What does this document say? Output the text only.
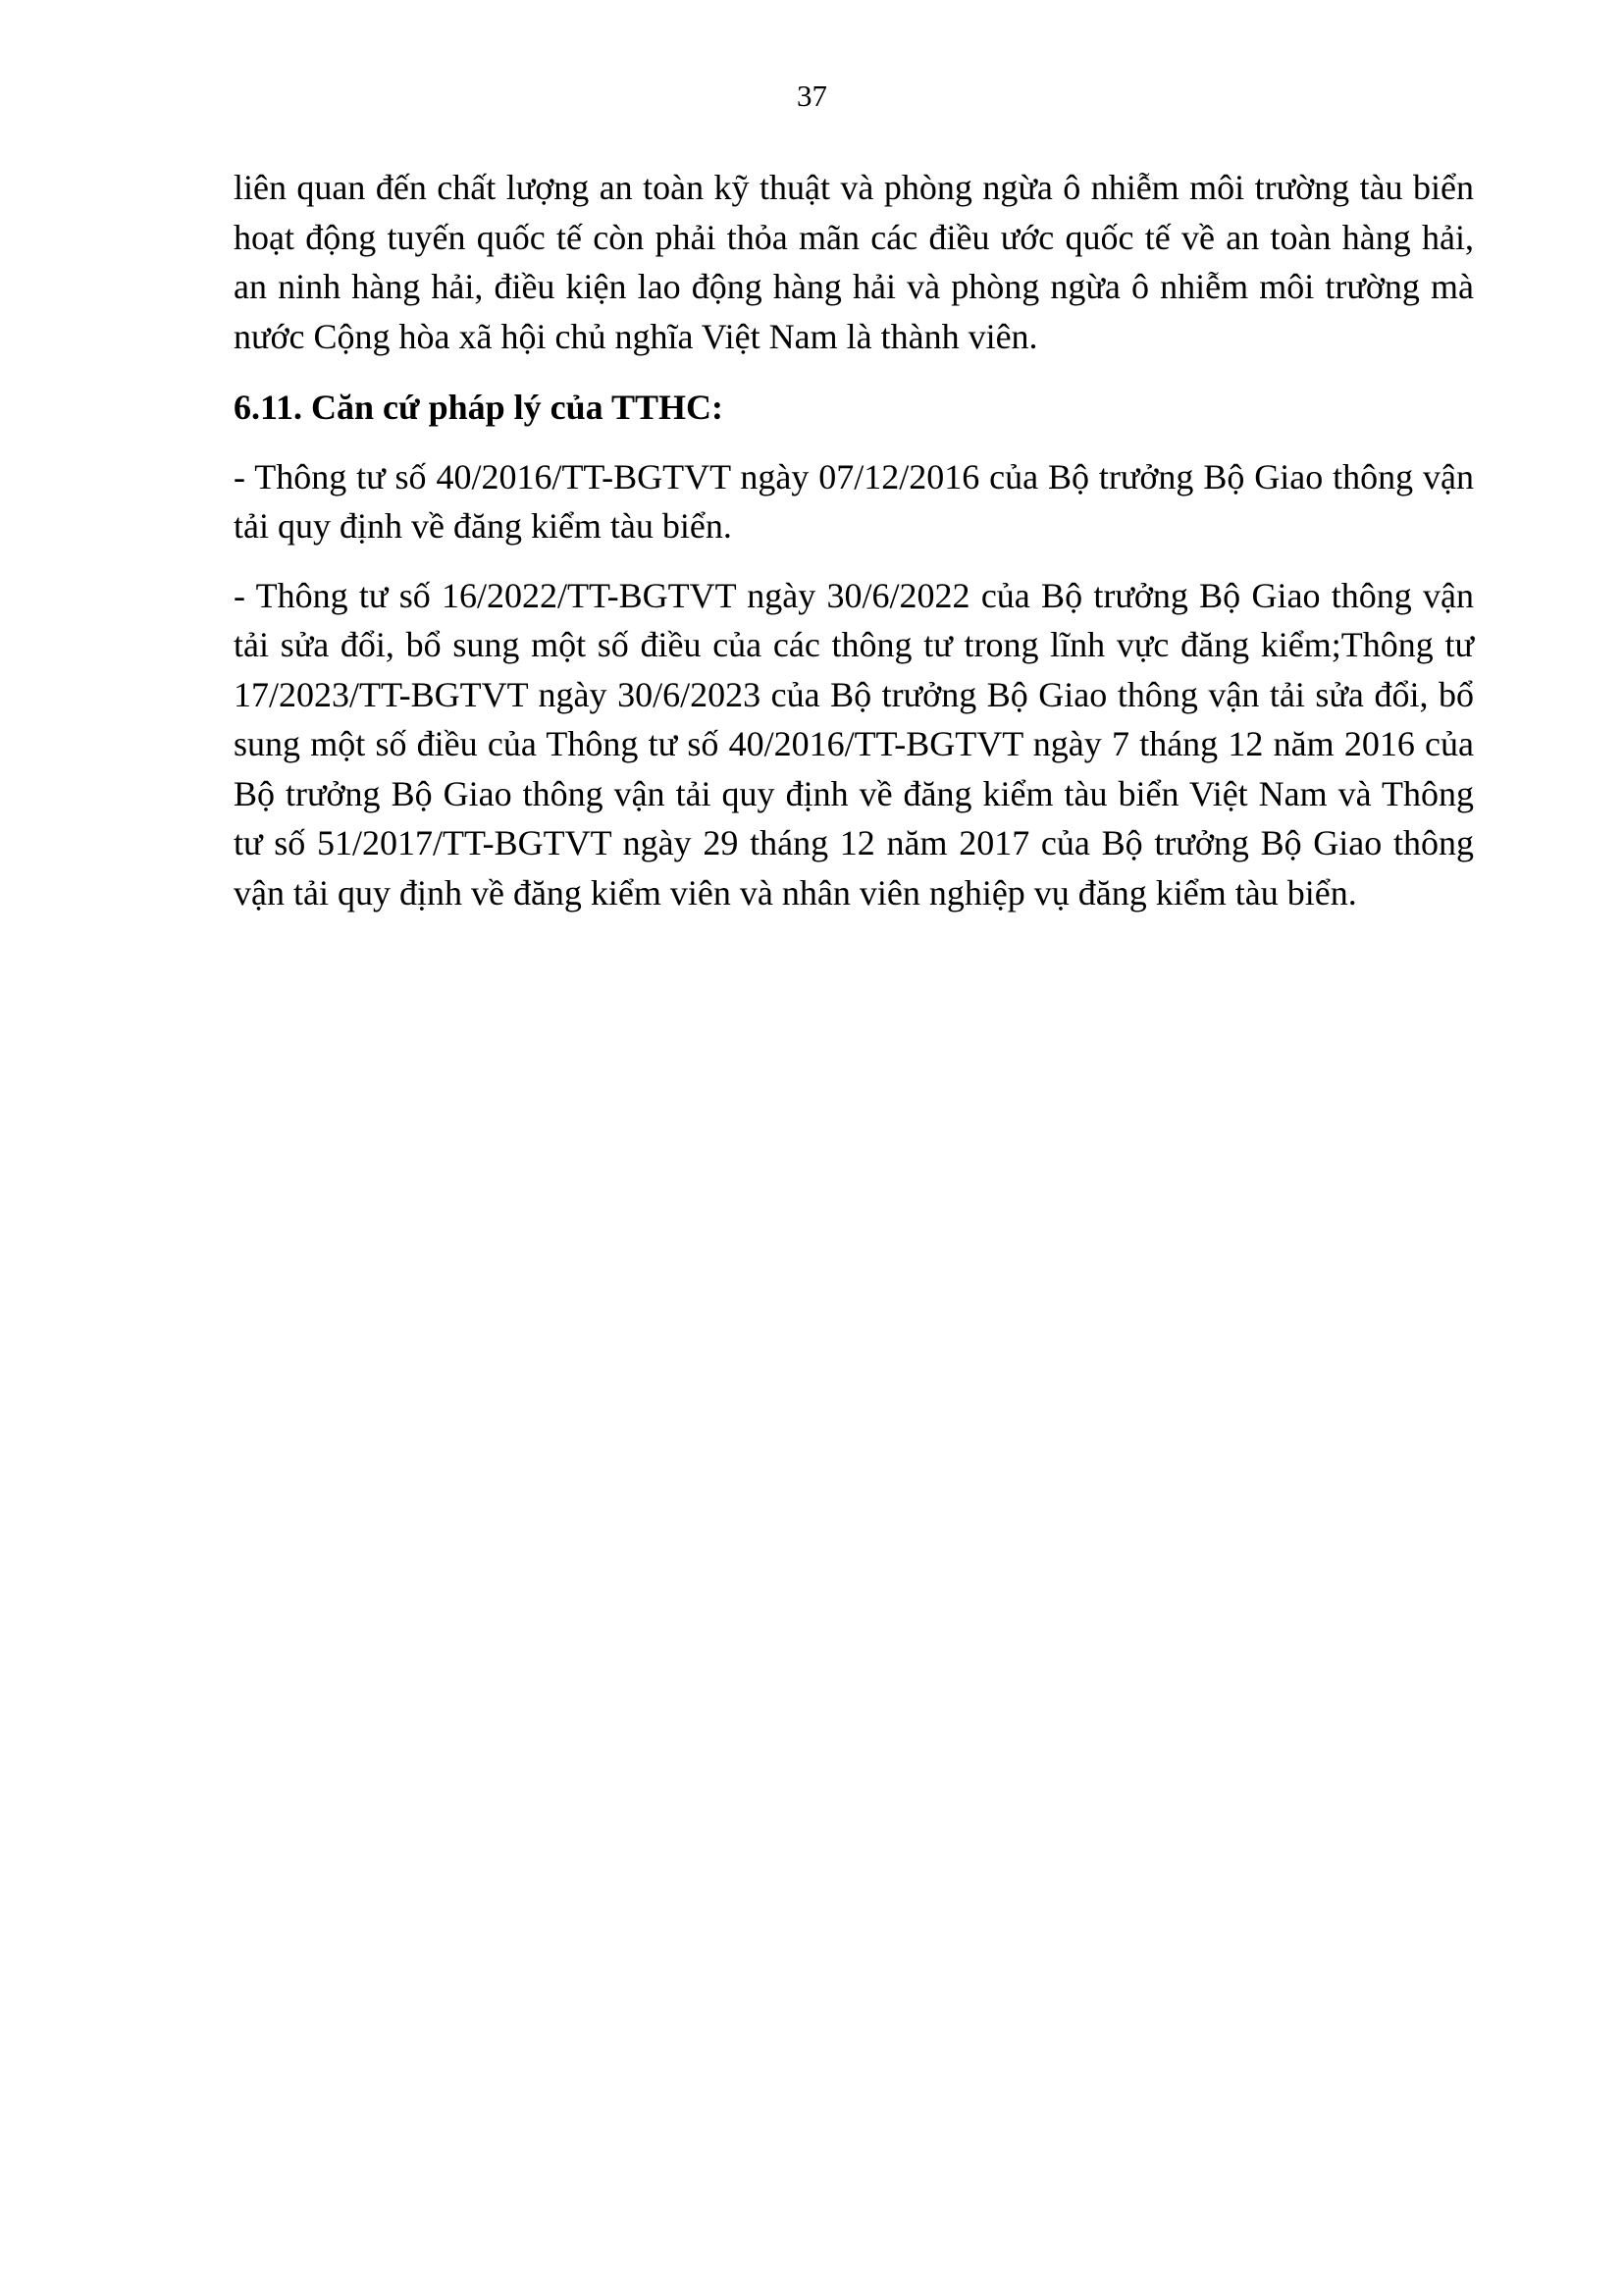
37

liên quan đến chất lượng an toàn kỹ thuật và phòng ngừa ô nhiễm môi trường tàu biển hoạt động tuyến quốc tế còn phải thỏa mãn các điều ước quốc tế về an toàn hàng hải, an ninh hàng hải, điều kiện lao động hàng hải và phòng ngừa ô nhiễm môi trường mà nước Cộng hòa xã hội chủ nghĩa Việt Nam là thành viên.

6.11. Căn cứ pháp lý của TTHC:

- Thông tư số 40/2016/TT-BGTVT ngày 07/12/2016 của Bộ trưởng Bộ Giao thông vận tải quy định về đăng kiểm tàu biển.

- Thông tư số 16/2022/TT-BGTVT ngày 30/6/2022 của Bộ trưởng Bộ Giao thông vận tải sửa đổi, bổ sung một số điều của các thông tư trong lĩnh vực đăng kiểm;Thông tư 17/2023/TT-BGTVT ngày 30/6/2023 của Bộ trưởng Bộ Giao thông vận tải sửa đổi, bổ sung một số điều của Thông tư số 40/2016/TT-BGTVT ngày 7 tháng 12 năm 2016 của Bộ trưởng Bộ Giao thông vận tải quy định về đăng kiểm tàu biển Việt Nam và Thông tư số 51/2017/TT-BGTVT ngày 29 tháng 12 năm 2017 của Bộ trưởng Bộ Giao thông vận tải quy định về đăng kiểm viên và nhân viên nghiệp vụ đăng kiểm tàu biển.
